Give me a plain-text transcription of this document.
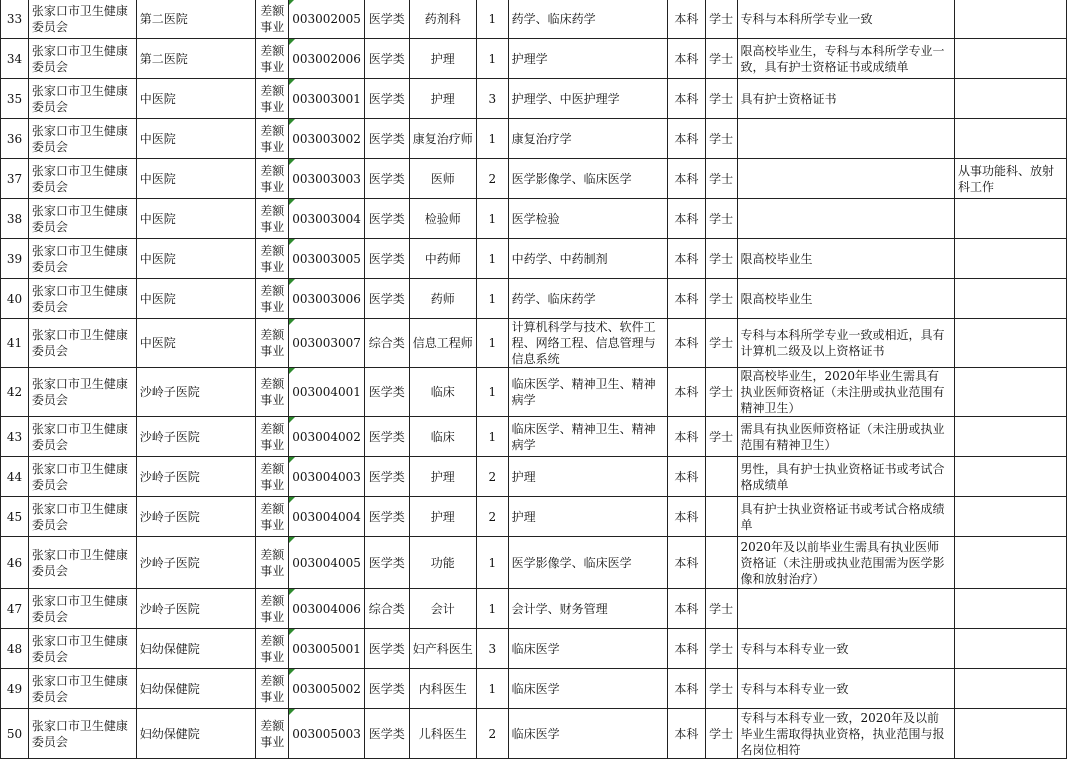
33	张家口市卫生健康委员会	第二医院	差额事业	003002005	医学类	药剂科	1	药学、临床药学	本科	学士	专科与本科所学专业一致	
34	张家口市卫生健康委员会	第二医院	差额事业	003002006	医学类	护理	1	护理学	本科	学士	限高校毕业生，专科与本科所学专业一致，具有护士资格证书或成绩单	
35	张家口市卫生健康委员会	中医院	差额事业	003003001	医学类	护理	3	护理学、中医护理学	本科	学士	具有护士资格证书	
36	张家口市卫生健康委员会	中医院	差额事业	003003002	医学类	康复治疗师	1	康复治疗学	本科	学士		
37	张家口市卫生健康委员会	中医院	差额事业	003003003	医学类	医师	2	医学影像学、临床医学	本科	学士		从事功能科、放射科工作
38	张家口市卫生健康委员会	中医院	差额事业	003003004	医学类	检验师	1	医学检验	本科	学士		
39	张家口市卫生健康委员会	中医院	差额事业	003003005	医学类	中药师	1	中药学、中药制剂	本科	学士	限高校毕业生	
40	张家口市卫生健康委员会	中医院	差额事业	003003006	医学类	药师	1	药学、临床药学	本科	学士	限高校毕业生	
41	张家口市卫生健康委员会	中医院	差额事业	003003007	综合类	信息工程师	1	计算机科学与技术、软件工程、网络工程、信息管理与信息系统	本科	学士	专科与本科所学专业一致或相近，具有计算机二级及以上资格证书	
42	张家口市卫生健康委员会	沙岭子医院	差额事业	003004001	医学类	临床	1	临床医学、精神卫生、精神病学	本科	学士	限高校毕业生，2020年毕业生需具有执业医师资格证（未注册或执业范围有精神卫生）	
43	张家口市卫生健康委员会	沙岭子医院	差额事业	003004002	医学类	临床	1	临床医学、精神卫生、精神病学	本科	学士	需具有执业医师资格证（未注册或执业范围有精神卫生）	
44	张家口市卫生健康委员会	沙岭子医院	差额事业	003004003	医学类	护理	2	护理	本科		男性，具有护士执业资格证书或考试合格成绩单	
45	张家口市卫生健康委员会	沙岭子医院	差额事业	003004004	医学类	护理	2	护理	本科		具有护士执业资格证书或考试合格成绩单	
46	张家口市卫生健康委员会	沙岭子医院	差额事业	003004005	医学类	功能	1	医学影像学、临床医学	本科		2020年及以前毕业生需具有执业医师资格证（未注册或执业范围需为医学影像和放射治疗）	
47	张家口市卫生健康委员会	沙岭子医院	差额事业	003004006	综合类	会计	1	会计学、财务管理	本科	学士		
48	张家口市卫生健康委员会	妇幼保健院	差额事业	003005001	医学类	妇产科医生	3	临床医学	本科	学士	专科与本科专业一致	
49	张家口市卫生健康委员会	妇幼保健院	差额事业	003005002	医学类	内科医生	1	临床医学	本科	学士	专科与本科专业一致	
50	张家口市卫生健康委员会	妇幼保健院	差额事业	003005003	医学类	儿科医生	2	临床医学	本科	学士	专科与本科专业一致，2020年及以前毕业生需取得执业资格，执业范围与报名岗位相符	
